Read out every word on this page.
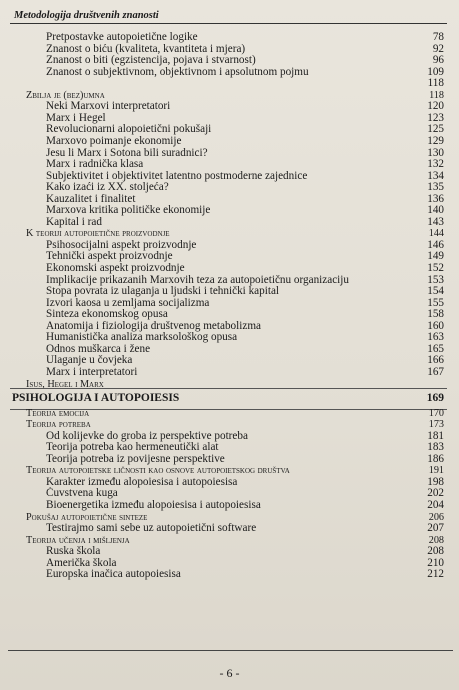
Metodologija društvenih znanosti
Pretpostavke autopoietične logike	78
Znanost o biću (kvaliteta, kvantiteta i mjera)	92
Znanost o biti (egzistencija, pojava i stvarnost)	96
Znanost o subjektivnom, objektivnom i apsolutnom pojmu	109
118
Zbilja je (bez)umna	118
Neki Marxovi interpretatori	120
Marx i Hegel	123
Revolucionarni alopoietični pokušaji	125
Marxovo poimanje ekonomije	129
Jesu li Marx i Sotona bili suradnici?	130
Marx i radnička klasa	132
Subjektivitet i objektivitet latentno postmoderne zajednice	134
Kako izaći iz XX. stoljeća?	135
Kauzalitet i finalitet	136
Marxova kritika političke ekonomije	140
Kapital i rad	143
K teoriji autopoietične proizvodnje	144
Psihosocijalni aspekt proizvodnje	146
Tehnički aspekt proizvodnje	149
Ekonomski aspekt proizvodnje	152
Implikacije prikazanih Marxovih teza za autopoietičnu organizaciju	153
Stopa povrata iz ulaganja u ljudski i tehnički kapital	154
Izvori kaosa u zemljama socijalizma	155
Sinteza ekonomskog opusa	158
Anatomija i fiziologija društvenog metabolizma	160
Humanistička analiza marksološkog opusa	163
Odnos muškarca i žene	165
Ulaganje u čovjeka	166
Marx i interpretatori	167
Isus, Hegel i Marx
PSIHOLOGIJA I AUTOPOIESIS	169
Teorija emocija	170
Teorija potreba	173
Od kolijevke do groba iz perspektive potreba	181
Teorija potreba kao hermeneutički alat	183
Teorija potreba iz povijesne perspektive	186
Teorija autopoietske ličnosti kao osnove autopoietskog društva	191
Karakter između alopoiesisa i autopoiesisa	198
Čuvstvena kuga	202
Bioenergetika između alopoiesisa i autopoiesisa	204
Pokušaj autopoietične sinteze	206
Testirajmo sami sebe uz autopoietični software	207
Teorija učenja i mišljenja	208
Ruska škola	208
Američka škola	210
Europska inačica autopoiesisa	212
- 6 -
